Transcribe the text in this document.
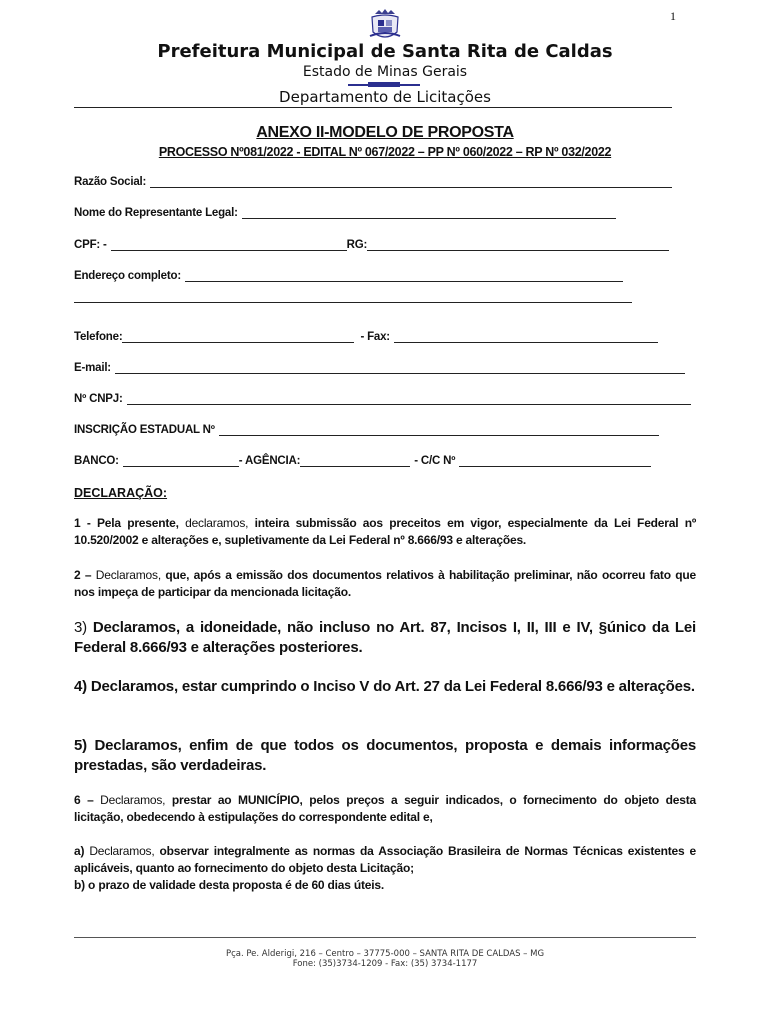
1
Prefeitura Municipal de Santa Rita de Caldas
Estado de Minas Gerais
Departamento de Licitações
ANEXO II-MODELO DE PROPOSTA
PROCESSO Nº081/2022 - EDITAL Nº 067/2022 – PP Nº 060/2022 – RP Nº 032/2022
Razão Social:
Nome do Representante Legal:
CPF: -	RG:
Endereço completo:
Telefone:	- Fax:
E-mail:
Nº CNPJ:
INSCRIÇÃO ESTADUAL Nº
BANCO:	- AGÊNCIA:	- C/C Nº
DECLARAÇÃO:
1 - Pela presente, declaramos, inteira submissão aos preceitos em vigor, especialmente da Lei Federal nº 10.520/2002 e alterações e, supletivamente da Lei Federal nº 8.666/93 e alterações.
2 – Declaramos, que, após a emissão dos documentos relativos à habilitação preliminar, não ocorreu fato que nos impeça de participar da mencionada licitação.
3) Declaramos, a idoneidade, não incluso no Art. 87, Incisos I, II, III e IV, §único da Lei Federal 8.666/93 e alterações posteriores.
4) Declaramos, estar cumprindo o Inciso V do Art. 27 da Lei Federal 8.666/93 e alterações.
5) Declaramos, enfim de que todos os documentos, proposta e demais informações prestadas, são verdadeiras.
6 – Declaramos, prestar ao MUNICÍPIO, pelos preços a seguir indicados, o fornecimento do objeto desta licitação, obedecendo à estipulações do correspondente edital e,
a) Declaramos, observar integralmente as normas da Associação Brasileira de Normas Técnicas existentes e aplicáveis, quanto ao fornecimento do objeto desta Licitação;
b) o prazo de validade desta proposta é de 60 dias úteis.
Pça. Pe. Alderigi, 216 – Centro – 37775-000 – SANTA RITA DE CALDAS – MG
Fone: (35)3734-1209 - Fax: (35) 3734-1177
